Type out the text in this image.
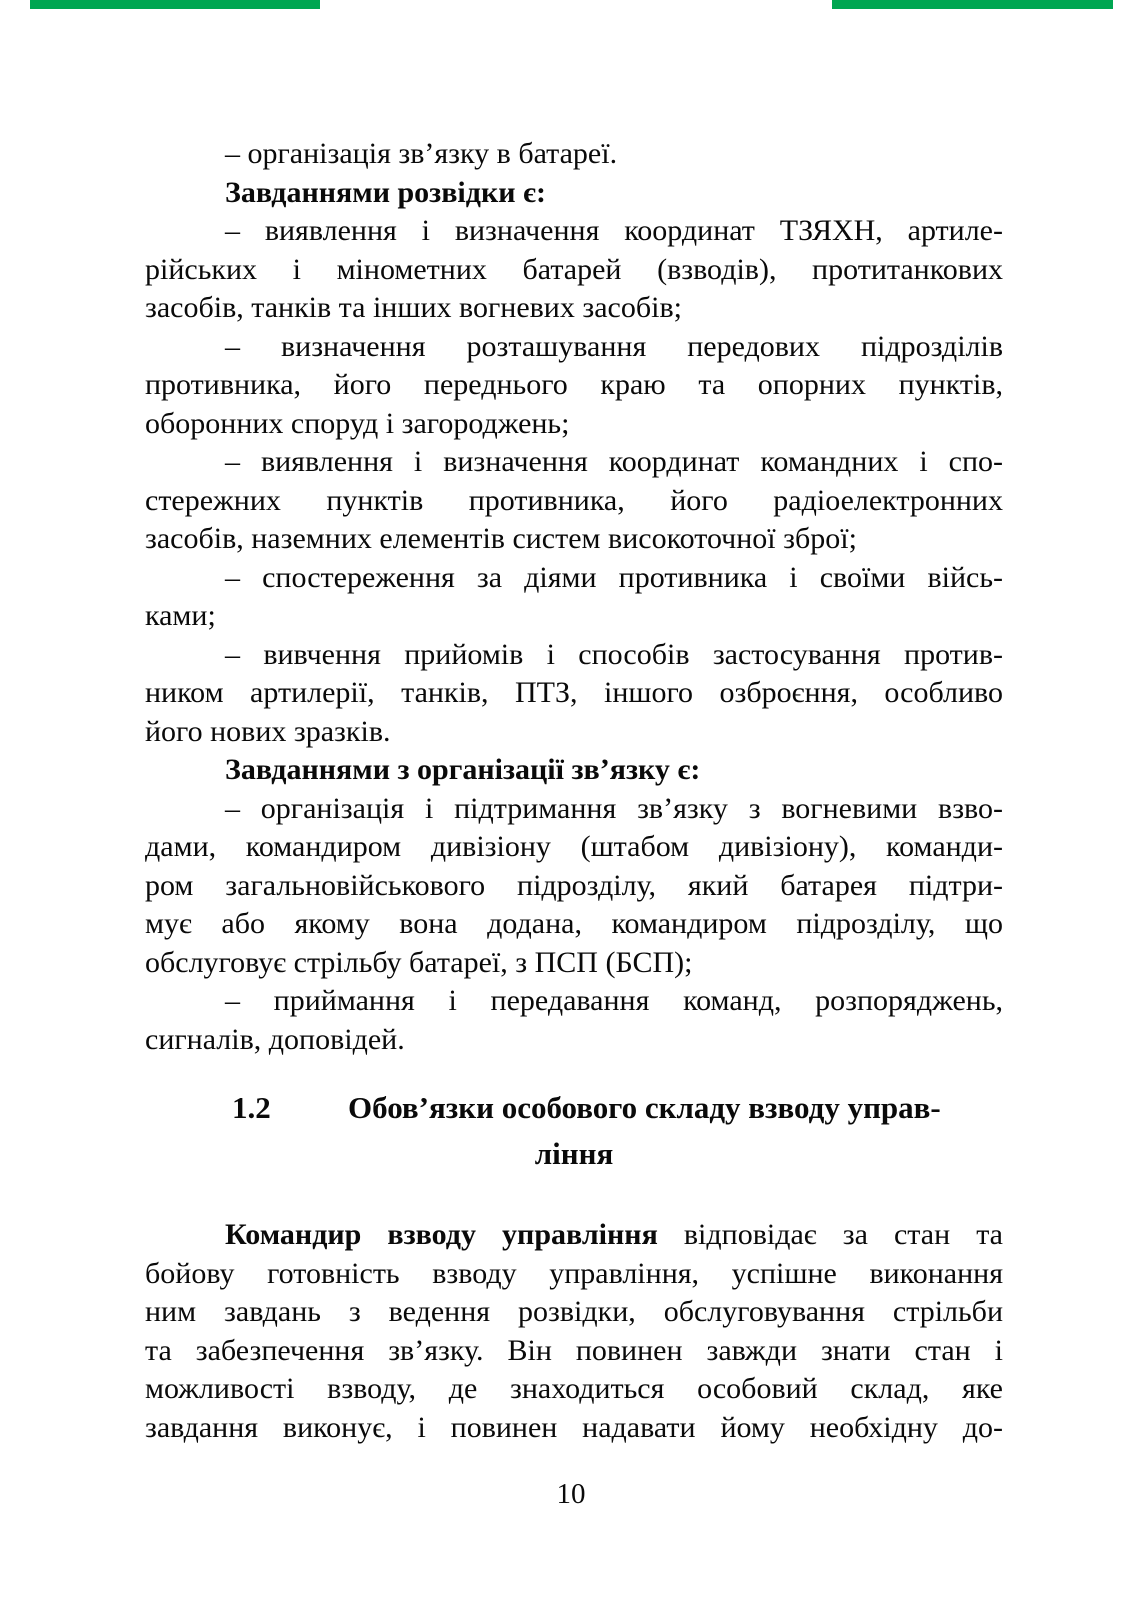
– організація зв’язку в батареї.
Завданнями розвідки є:
– виявлення і визначення координат ТЗЯХН, артиле-
рійських і мінометних батарей (взводів), протитанкових
засобів, танків та інших вогневих засобів;
– визначення розташування передових підрозділів
противника, його переднього краю та опорних пунктів,
оборонних споруд і загороджень;
– виявлення і визначення координат командних і спо-
стережних пунктів противника, його радіоелектронних
засобів, наземних елементів систем високоточної зброї;
– спостереження за діями противника і своїми війсь-
ками;
– вивчення прийомів і способів застосування против-
ником артилерії, танків, ПТЗ, іншого озброєння, особливо
його нових зразків.
Завданнями з організації зв’язку є:
– організація і підтримання зв’язку з вогневими взво-
дами, командиром дивізіону (штабом дивізіону), команди-
ром загальновійськового підрозділу, який батарея підтри-
мує або якому вона додана, командиром підрозділу, що
обслуговує стрільбу батареї, з ПСП (БСП);
– приймання і передавання команд, розпоряджень,
сигналів, доповідей.
1.2	Обов’язки особового складу взводу управ-
ління
Командир взводу управління відповідає за стан та
бойову готовність взводу управління, успішне виконання
ним завдань з ведення розвідки, обслуговування стрільби
та забезпечення зв’язку. Він повинен завжди знати стан і
можливості взводу, де знаходиться особовий склад, яке
завдання виконує, і повинен надавати йому необхідну до-
10
